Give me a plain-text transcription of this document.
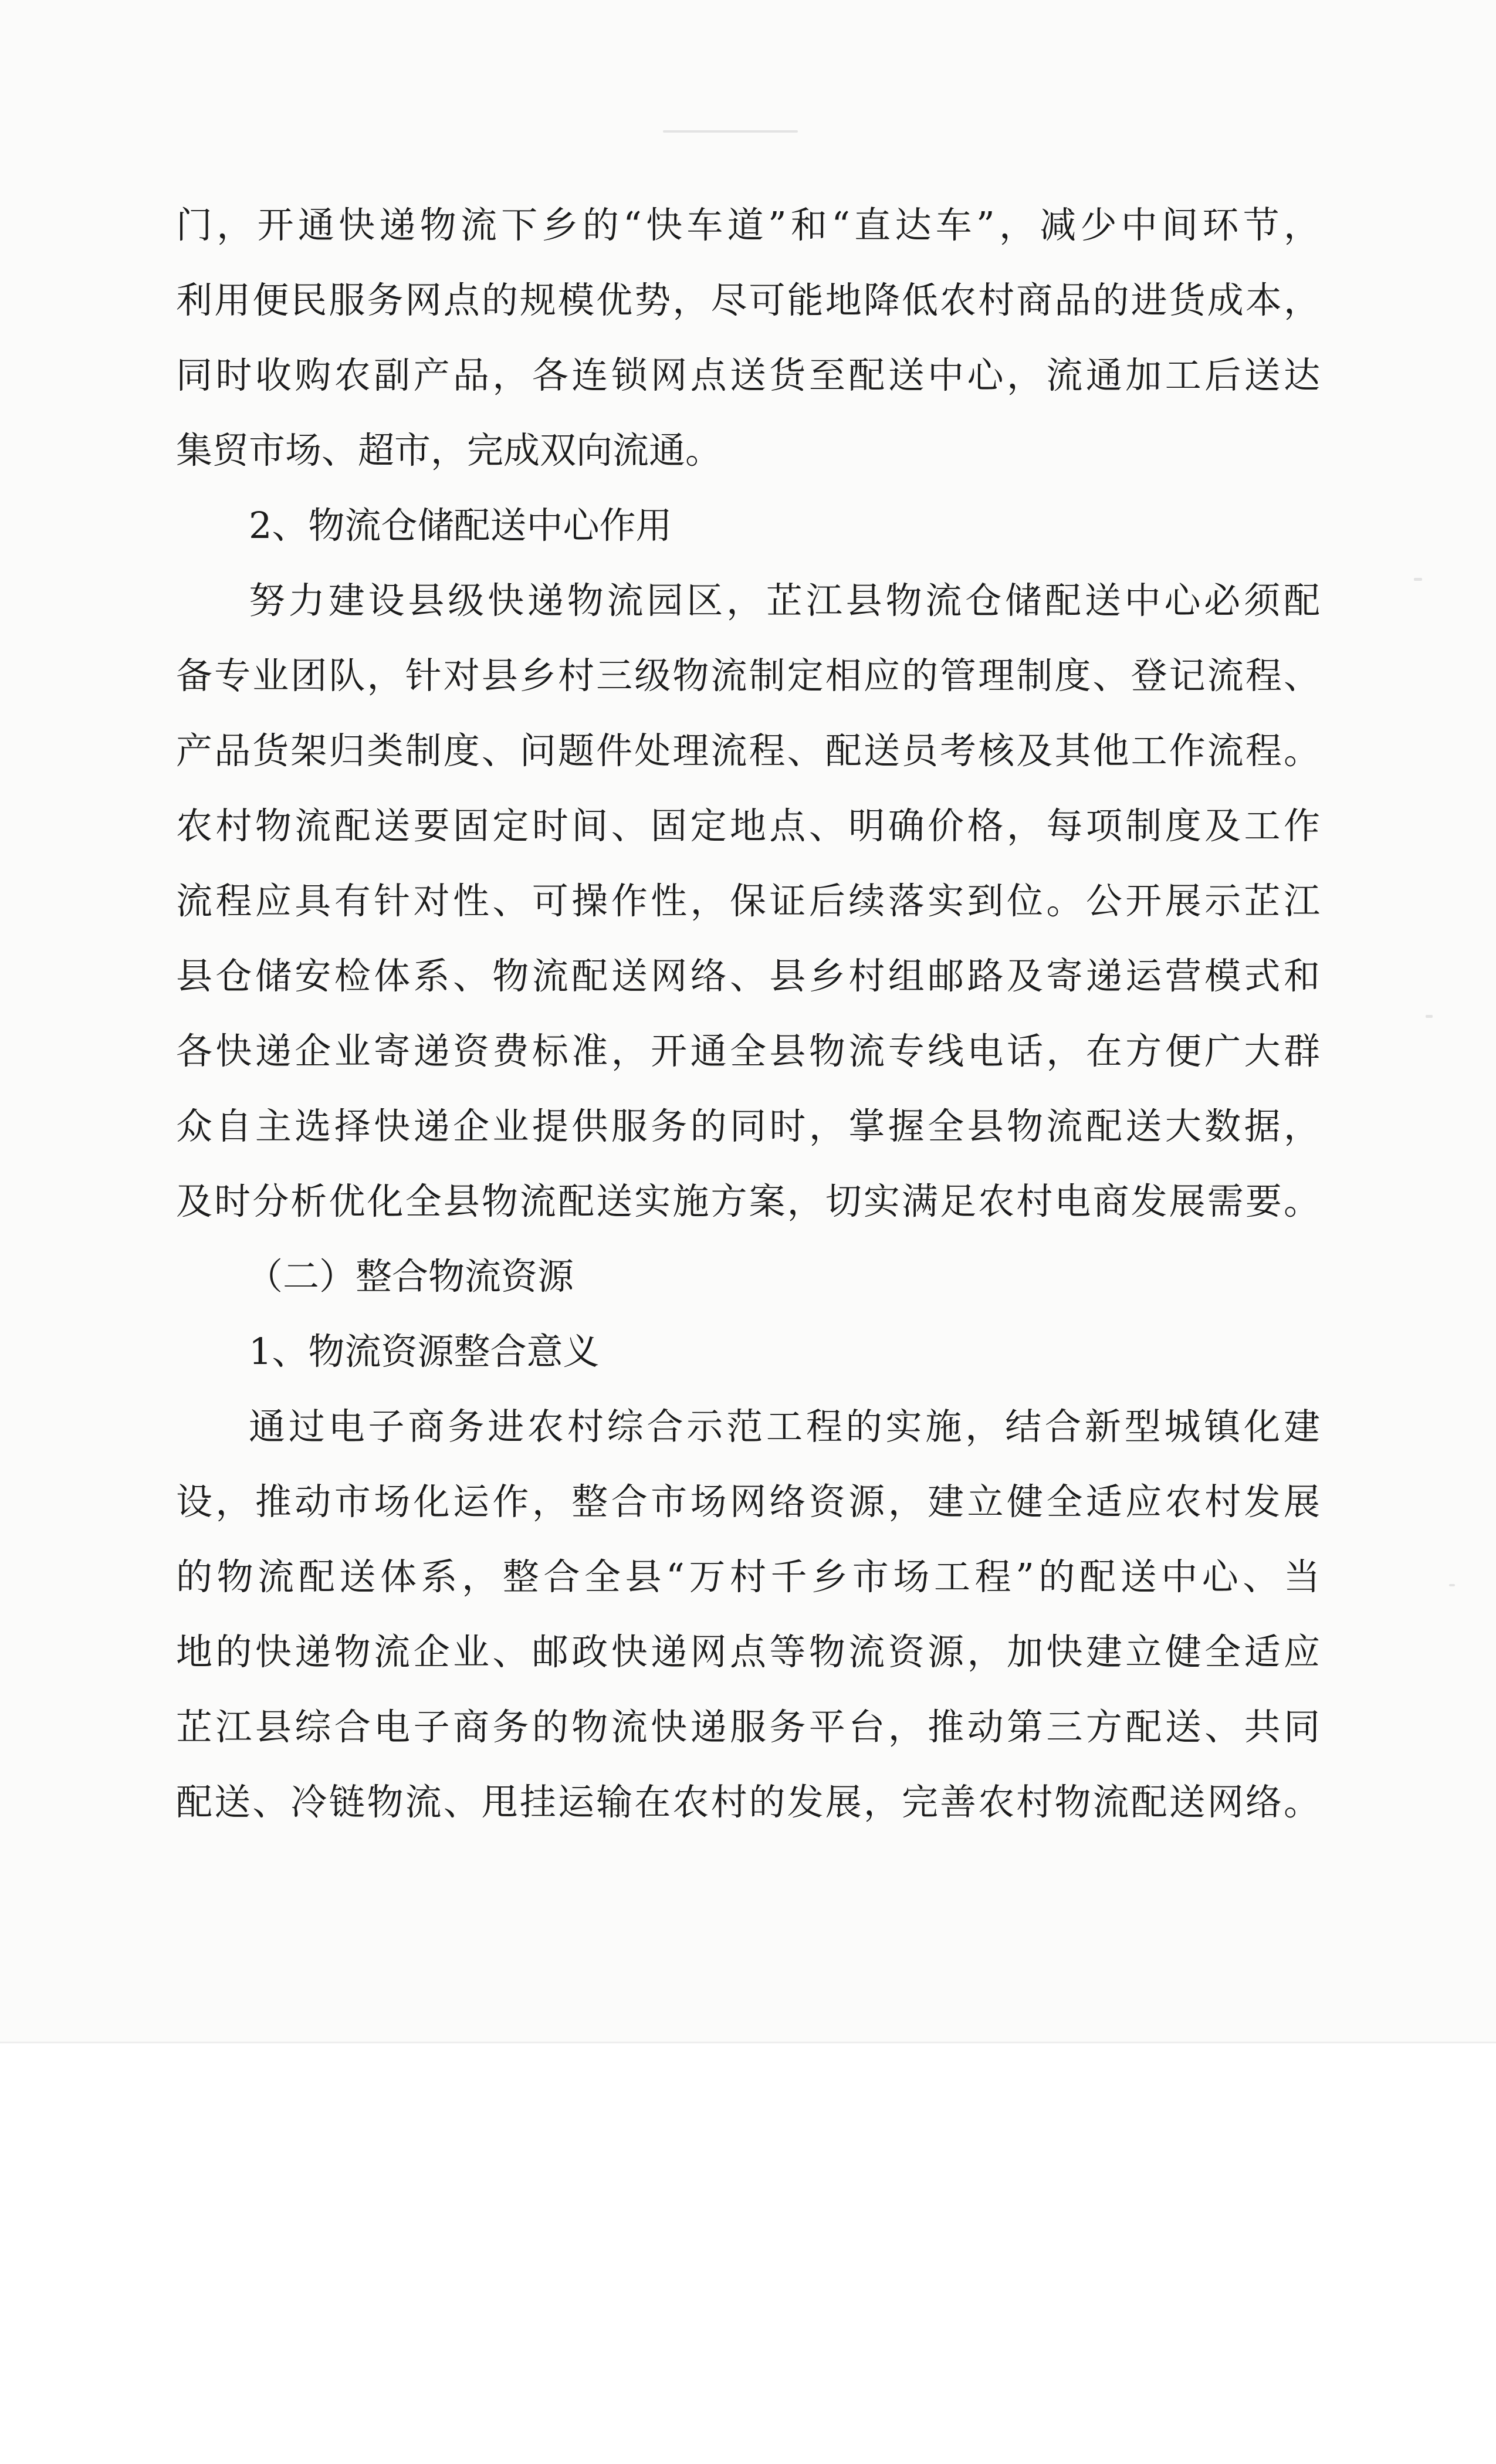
门，开通快递物流下乡的“快车道”和“直达车”，减少中间环节，

利用便民服务网点的规模优势，尽可能地降低农村商品的进货成本，

同时收购农副产品，各连锁网点送货至配送中心，流通加工后送达

集贸市场、超市，完成双向流通。

2、物流仓储配送中心作用

努力建设县级快递物流园区，芷江县物流仓储配送中心必须配

备专业团队，针对县乡村三级物流制定相应的管理制度、登记流程、

产品货架归类制度、问题件处理流程、配送员考核及其他工作流程。

农村物流配送要固定时间、固定地点、明确价格，每项制度及工作

流程应具有针对性、可操作性，保证后续落实到位。公开展示芷江

县仓储安检体系、物流配送网络、县乡村组邮路及寄递运营模式和

各快递企业寄递资费标准，开通全县物流专线电话，在方便广大群

众自主选择快递企业提供服务的同时，掌握全县物流配送大数据，

及时分析优化全县物流配送实施方案，切实满足农村电商发展需要。

（二）整合物流资源

1、物流资源整合意义

通过电子商务进农村综合示范工程的实施，结合新型城镇化建

设，推动市场化运作，整合市场网络资源，建立健全适应农村发展

的物流配送体系，整合全县“万村千乡市场工程”的配送中心、当

地的快递物流企业、邮政快递网点等物流资源，加快建立健全适应

芷江县综合电子商务的物流快递服务平台，推动第三方配送、共同

配送、冷链物流、甩挂运输在农村的发展，完善农村物流配送网络。
